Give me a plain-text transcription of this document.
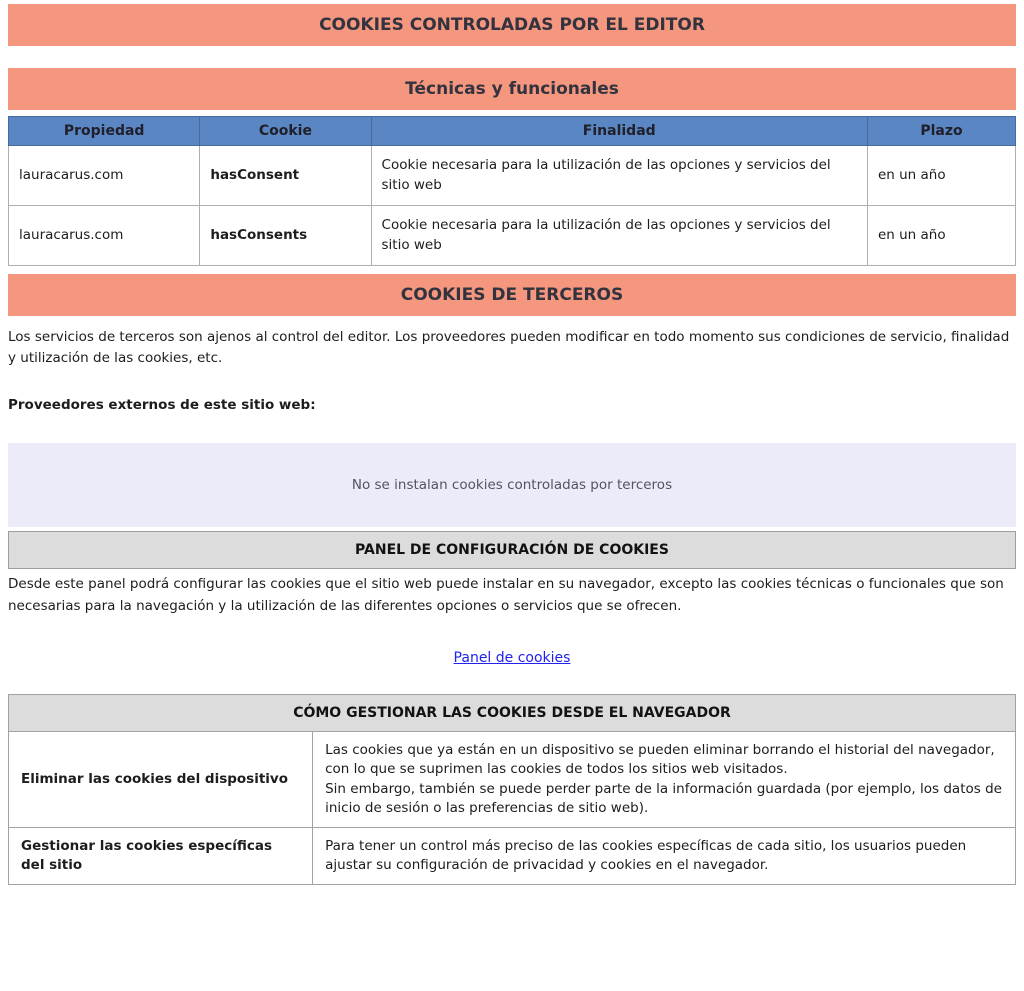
COOKIES CONTROLADAS POR EL EDITOR
Técnicas y funcionales
Propiedad	Cookie	Finalidad	Plazo
lauracarus.com	hasConsent	Cookie necesaria para la utilización de las opciones y servicios del sitio web	en un año
lauracarus.com	hasConsents	Cookie necesaria para la utilización de las opciones y servicios del sitio web	en un año
COOKIES DE TERCEROS

Los servicios de terceros son ajenos al control del editor. Los proveedores pueden modificar en todo momento sus condiciones de servicio, finalidad y utilización de las cookies, etc.

Proveedores externos de este sitio web:
No se instalan cookies controladas por terceros
PANEL DE CONFIGURACIÓN DE COOKIES

Desde este panel podrá configurar las cookies que el sitio web puede instalar en su navegador, excepto las cookies técnicas o funcionales que son necesarias para la navegación y la utilización de las diferentes opciones o servicios que se ofrecen.

Panel de cookies
CÓMO GESTIONAR LAS COOKIES DESDE EL NAVEGADOR	
Eliminar las cookies del dispositivo	Las cookies que ya están en un dispositivo se pueden eliminar borrando el historial del navegador, con lo que se suprimen las cookies de todos los sitios web visitados.
Sin embargo, también se puede perder parte de la información guardada (por ejemplo, los datos de inicio de sesión o las preferencias de sitio web).

Gestionar las cookies específicas del sitio	Para tener un control más preciso de las cookies específicas de cada sitio, los usuarios pueden ajustar su configuración de privacidad y cookies en el navegador.
